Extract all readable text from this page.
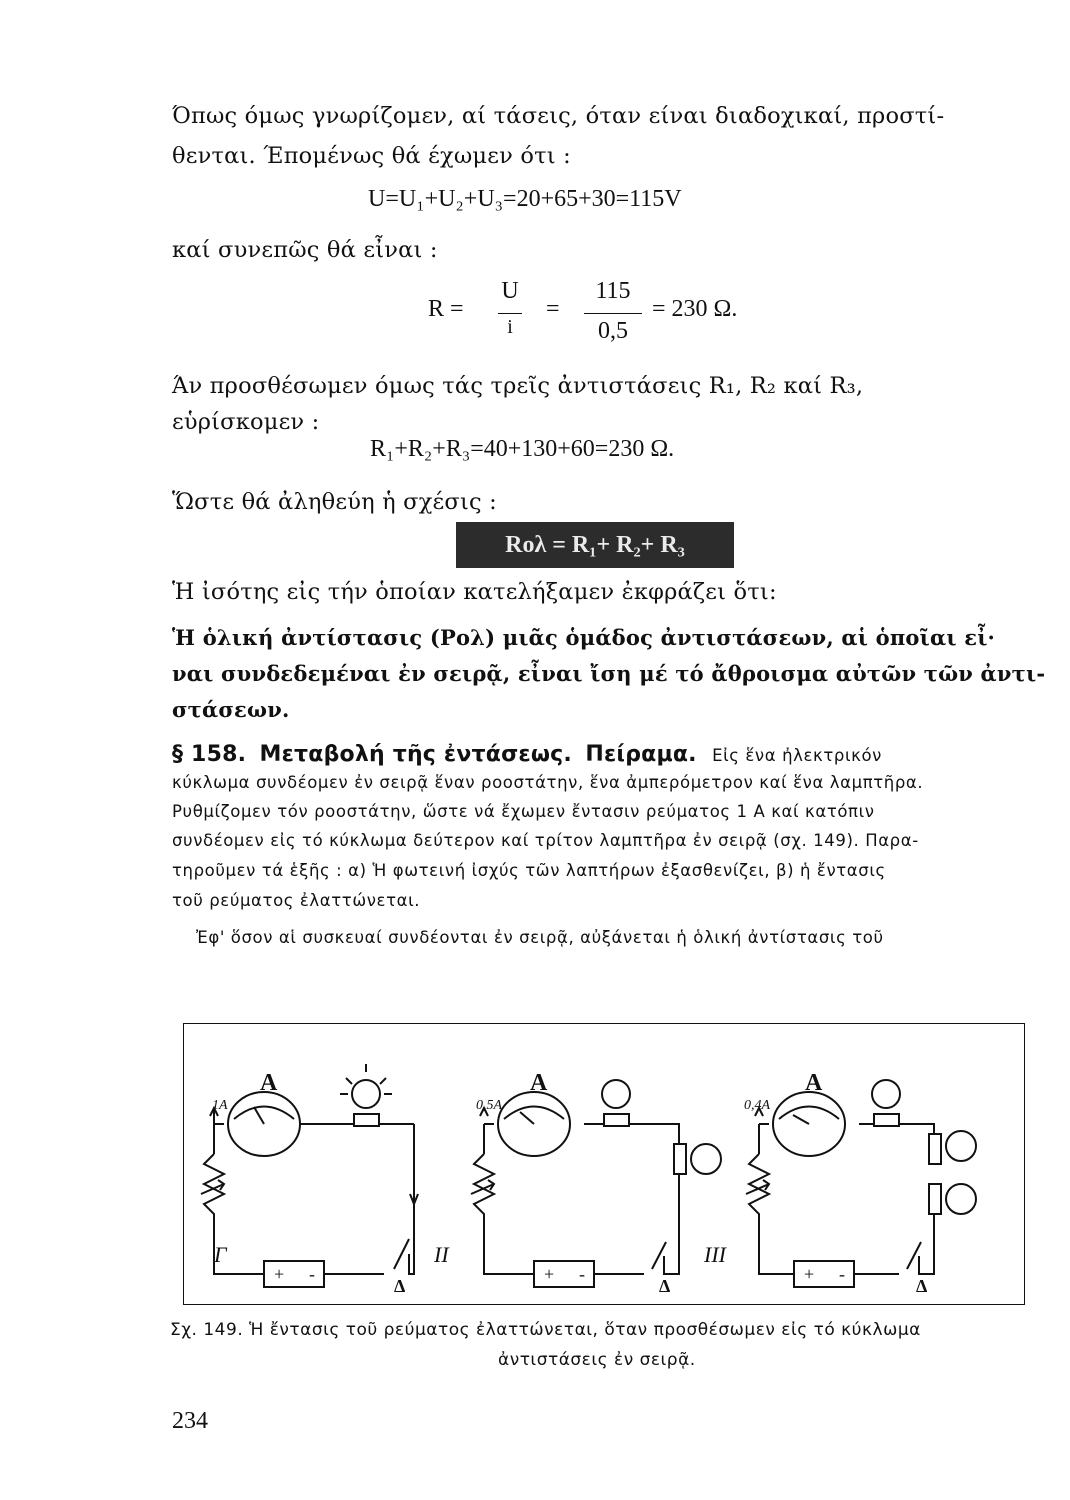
Όπως όμως γνωρίζομεν, αί τάσεις, όταν είναι διαδοχικαί, προστί-
θενται. Έπομένως θά έχωμεν ότι :
U=U₁+U₂+U₃=20+65+30=115V
καί συνεπῶς θά εἶναι :
R =
U
i
=
115
0,5
= 230 Ω.
Άν προσθέσωμεν όμως τάς τρεῖς ἀντιστάσεις R₁, R₂ καί R₃,
εὑρίσκομεν :
R₁+R₂+R₃=40+130+60=230 Ω.
Ὥστε θά ἀληθεύη ἡ σχέσις :
Rολ = R₁+ R₂+ R₃
Ἡ ἰσότης εἰς τήν ὁποίαν κατελήξαμεν ἐκφράζει ὅτι:
Ἡ ὁλική ἀντίστασις (Pολ) μιᾶς ὁμάδος ἀντιστάσεων, αἱ ὁποῖαι εἶ·
ναι συνδεδεμέναι ἐν σειρᾷ, εἶναι ἴση μέ τό ἄθροισμα αὐτῶν τῶν ἀντι-
στάσεων.
§ 158. Μεταβολή τῆς ἐντάσεως. Πείραμα. Εἰς ἕνα ἠλεκτρικόν
κύκλωμα συνδέομεν ἐν σειρᾷ ἕναν ροοστάτην, ἕνα ἀμπερόμετρον καί ἕνα λαμπτῆρα.
Ρυθμίζομεν τόν ροοστάτην, ὥστε νά ἔχωμεν ἔντασιν ρεύματος 1 Α καί κατόπιν
συνδέομεν εἰς τό κύκλωμα δεύτερον καί τρίτον λαμπτῆρα ἐν σειρᾷ (σχ. 149). Παρα-
τηροῦμεν τά ἑξῆς : α) Ἡ φωτεινή ἰσχύς τῶν λαπτήρων ἐξασθενίζει, β) ἡ ἔντασις
τοῦ ρεύματος ἐλαττώνεται.
Ἐφ' ὅσον αἱ συσκευαί συνδέονται ἐν σειρᾷ, αὐξάνεται ἡ ὁλική ἀντίστασις τοῦ
Γ	II	III
1A	0,5A	0,4A
A	A	A
Δ	Δ	Δ
+ -	+ -	+ -
Σχ. 149. Ἡ ἔντασις τοῦ ρεύματος ἐλαττώνεται, ὅταν προσθέσωμεν εἰς τό κύκλωμα
ἀντιστάσεις ἐν σειρᾷ.
234
